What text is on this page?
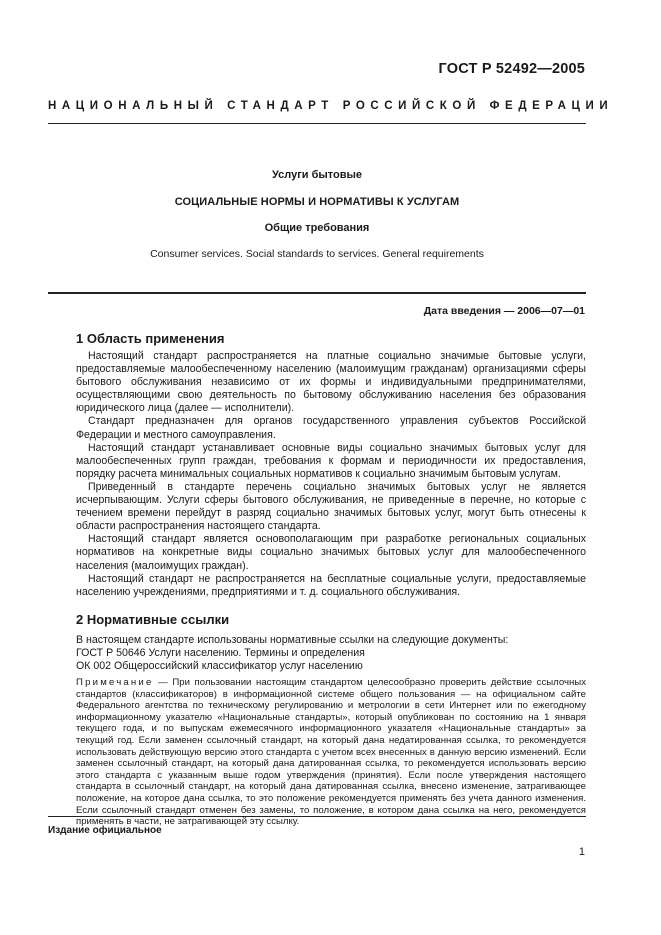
ГОСТ Р 52492—2005
НАЦИОНАЛЬНЫЙ СТАНДАРТ РОССИЙСКОЙ ФЕДЕРАЦИИ
Услуги бытовые
СОЦИАЛЬНЫЕ НОРМЫ И НОРМАТИВЫ К УСЛУГАМ
Общие требования
Consumer services. Social standards to services. General requirements
Дата введения — 2006—07—01
1 Область применения

Настоящий стандарт распространяется на платные социально значимые бытовые услуги, предоставляемые малообеспеченному населению (малоимущим гражданам) организациями сферы бытового обслуживания независимо от их формы и индивидуальными предпринимателями, осуществляющими свою деятельность по бытовому обслуживанию населения без образования юридического лица (далее — исполнители).

Стандарт предназначен для органов государственного управления субъектов Российской Федерации и местного самоуправления.

Настоящий стандарт устанавливает основные виды социально значимых бытовых услуг для малообеспеченных групп граждан, требования к формам и периодичности их предоставления, порядку расчета минимальных социальных нормативов к социально значимым бытовым услугам.

Приведенный в стандарте перечень социально значимых бытовых услуг не является исчерпывающим. Услуги сферы бытового обслуживания, не приведенные в перечне, но которые с течением времени перейдут в разряд социально значимых бытовых услуг, могут быть отнесены к области распространения настоящего стандарта.

Настоящий стандарт является основополагающим при разработке региональных социальных нормативов на конкретные виды социально значимых бытовых услуг для малообеспеченного населения (малоимущих граждан).

Настоящий стандарт не распространяется на бесплатные социальные услуги, предоставляемые населению учреждениями, предприятиями и т. д. социального обслуживания.

2 Нормативные ссылки

В настоящем стандарте использованы нормативные ссылки на следующие документы:

ГОСТ Р 50646 Услуги населению. Термины и определения

ОК 002 Общероссийский классификатор услуг населению

Примечание — При пользовании настоящим стандартом целесообразно проверить действие ссылочных стандартов (классификаторов) в информационной системе общего пользования — на официальном сайте Федерального агентства по техническому регулированию и метрологии в сети Интернет или по ежегодному информационному указателю «Национальные стандарты», который опубликован по состоянию на 1 января текущего года, и по выпускам ежемесячного информационного указателя «Национальные стандарты» за текущий год. Если заменен ссылочный стандарт, на который дана недатированная ссылка, то рекомендуется использовать действующую версию этого стандарта с учетом всех внесенных в данную версию изменений. Если заменен ссылочный стандарт, на который дана датированная ссылка, то рекомендуется использовать версию этого стандарта с указанным выше годом утверждения (принятия). Если после утверждения настоящего стандарта в ссылочный стандарт, на который дана датированная ссылка, внесено изменение, затрагивающее положение, на которое дана ссылка, то это положение рекомендуется применять без учета данного изменения. Если ссылочный стандарт отменен без замены, то положение, в котором дана ссылка на него, рекомендуется применять в части, не затрагивающей эту ссылку.
Издание официальное
1
